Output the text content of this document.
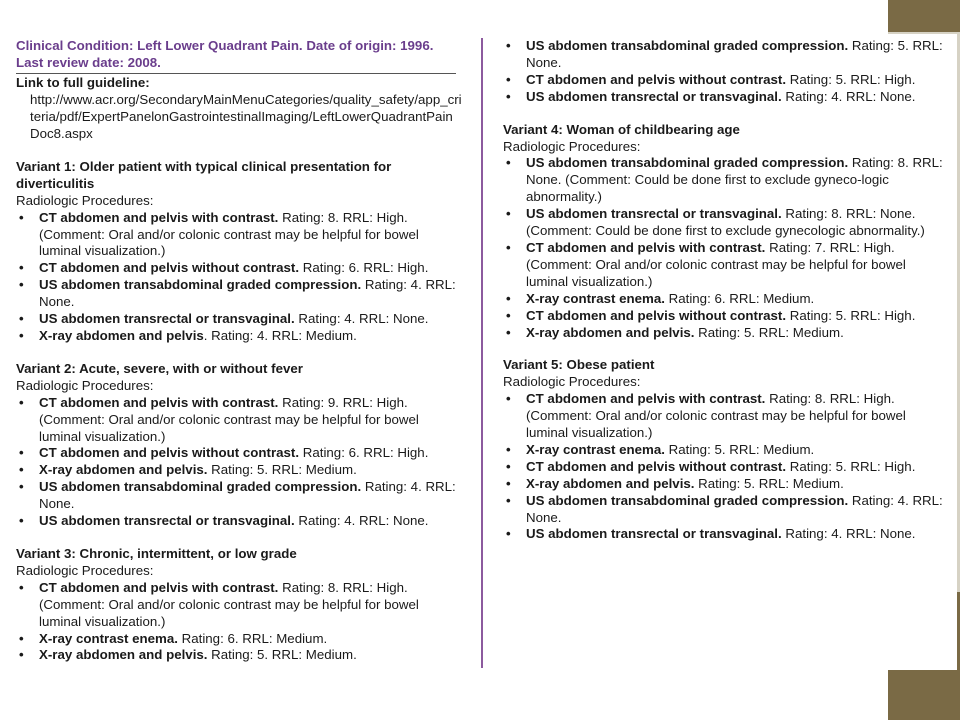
Clinical Condition: Left Lower Quadrant Pain. Date of origin: 1996. Last review date: 2008.
Link to full guideline:
http://www.acr.org/SecondaryMainMenuCategories/quality_safety/app_criteria/pdf/ExpertPanelonGastrointestinalImaging/LeftLowerQuadrantPainDoc8.aspx
Variant 1: Older patient with typical clinical presentation for diverticulitis
Radiologic Procedures:
• CT abdomen and pelvis with contrast. Rating: 8. RRL: High. (Comment: Oral and/or colonic contrast may be helpful for bowel luminal visualization.)
• CT abdomen and pelvis without contrast. Rating: 6. RRL: High.
• US abdomen transabdominal graded compression. Rating: 4. RRL: None.
• US abdomen transrectal or transvaginal. Rating: 4. RRL: None.
• X-ray abdomen and pelvis. Rating: 4. RRL: Medium.
Variant 2: Acute, severe, with or without fever
Radiologic Procedures:
• CT abdomen and pelvis with contrast. Rating: 9. RRL: High. (Comment: Oral and/or colonic contrast may be helpful for bowel luminal visualization.)
• CT abdomen and pelvis without contrast. Rating: 6. RRL: High.
• X-ray abdomen and pelvis. Rating: 5. RRL: Medium.
• US abdomen transabdominal graded compression. Rating: 4. RRL: None.
• US abdomen transrectal or transvaginal. Rating: 4. RRL: None.
Variant 3: Chronic, intermittent, or low grade
Radiologic Procedures:
• CT abdomen and pelvis with contrast. Rating: 8. RRL: High. (Comment: Oral and/or colonic contrast may be helpful for bowel luminal visualization.)
• X-ray contrast enema. Rating: 6. RRL: Medium.
• X-ray abdomen and pelvis. Rating: 5. RRL: Medium.
• US abdomen transabdominal graded compression. Rating: 5. RRL: None.
• CT abdomen and pelvis without contrast. Rating: 5. RRL: High.
• US abdomen transrectal or transvaginal. Rating: 4. RRL: None.
Variant 4: Woman of childbearing age
Radiologic Procedures:
• US abdomen transabdominal graded compression. Rating: 8. RRL: None. (Comment: Could be done first to exclude gyneco-logic abnormality.)
• US abdomen transrectal or transvaginal. Rating: 8. RRL: None. (Comment: Could be done first to exclude gynecologic abnormality.)
• CT abdomen and pelvis with contrast. Rating: 7. RRL: High. (Comment: Oral and/or colonic contrast may be helpful for bowel luminal visualization.)
• X-ray contrast enema. Rating: 6. RRL: Medium.
• CT abdomen and pelvis without contrast. Rating: 5. RRL: High.
• X-ray abdomen and pelvis. Rating: 5. RRL: Medium.
Variant 5: Obese patient
Radiologic Procedures:
• CT abdomen and pelvis with contrast. Rating: 8. RRL: High. (Comment: Oral and/or colonic contrast may be helpful for bowel luminal visualization.)
• X-ray contrast enema. Rating: 5. RRL: Medium.
• CT abdomen and pelvis without contrast. Rating: 5. RRL: High.
• X-ray abdomen and pelvis. Rating: 5. RRL: Medium.
• US abdomen transabdominal graded compression. Rating: 4. RRL: None.
• US abdomen transrectal or transvaginal. Rating: 4. RRL: None.
